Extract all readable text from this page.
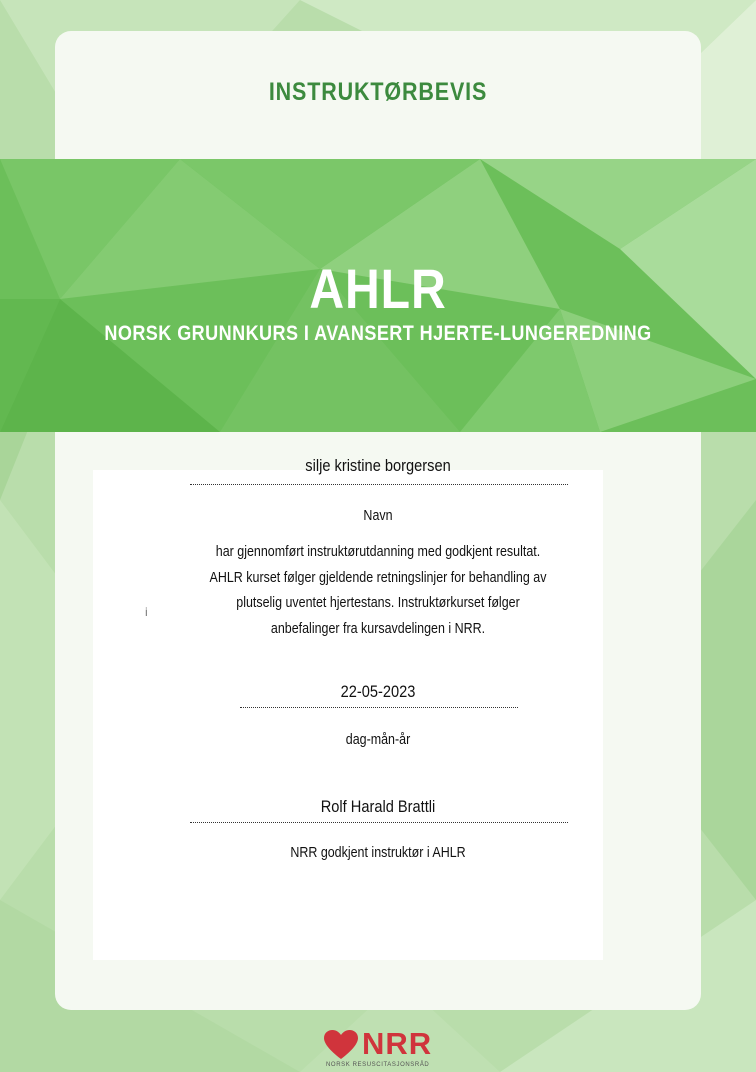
INSTRUKTØRBEVIS
AHLR
NORSK GRUNNKURS I AVANSERT HJERTE-LUNGEREDNING
silje kristine borgersen
Navn

har gjennomført instruktørutdanning med godkjent resultat.

AHLR kurset følger gjeldende retningslinjer for behandling av

plutselig uventet hjertestans. Instruktørkurset følger

anbefalinger fra kursavdelingen i NRR.

i
22-05-2023
dag-mån-år
Rolf Harald Brattli
NRR godkjent instruktør i AHLR
NRR
NORSK RESUSCITASJONSRÅD
